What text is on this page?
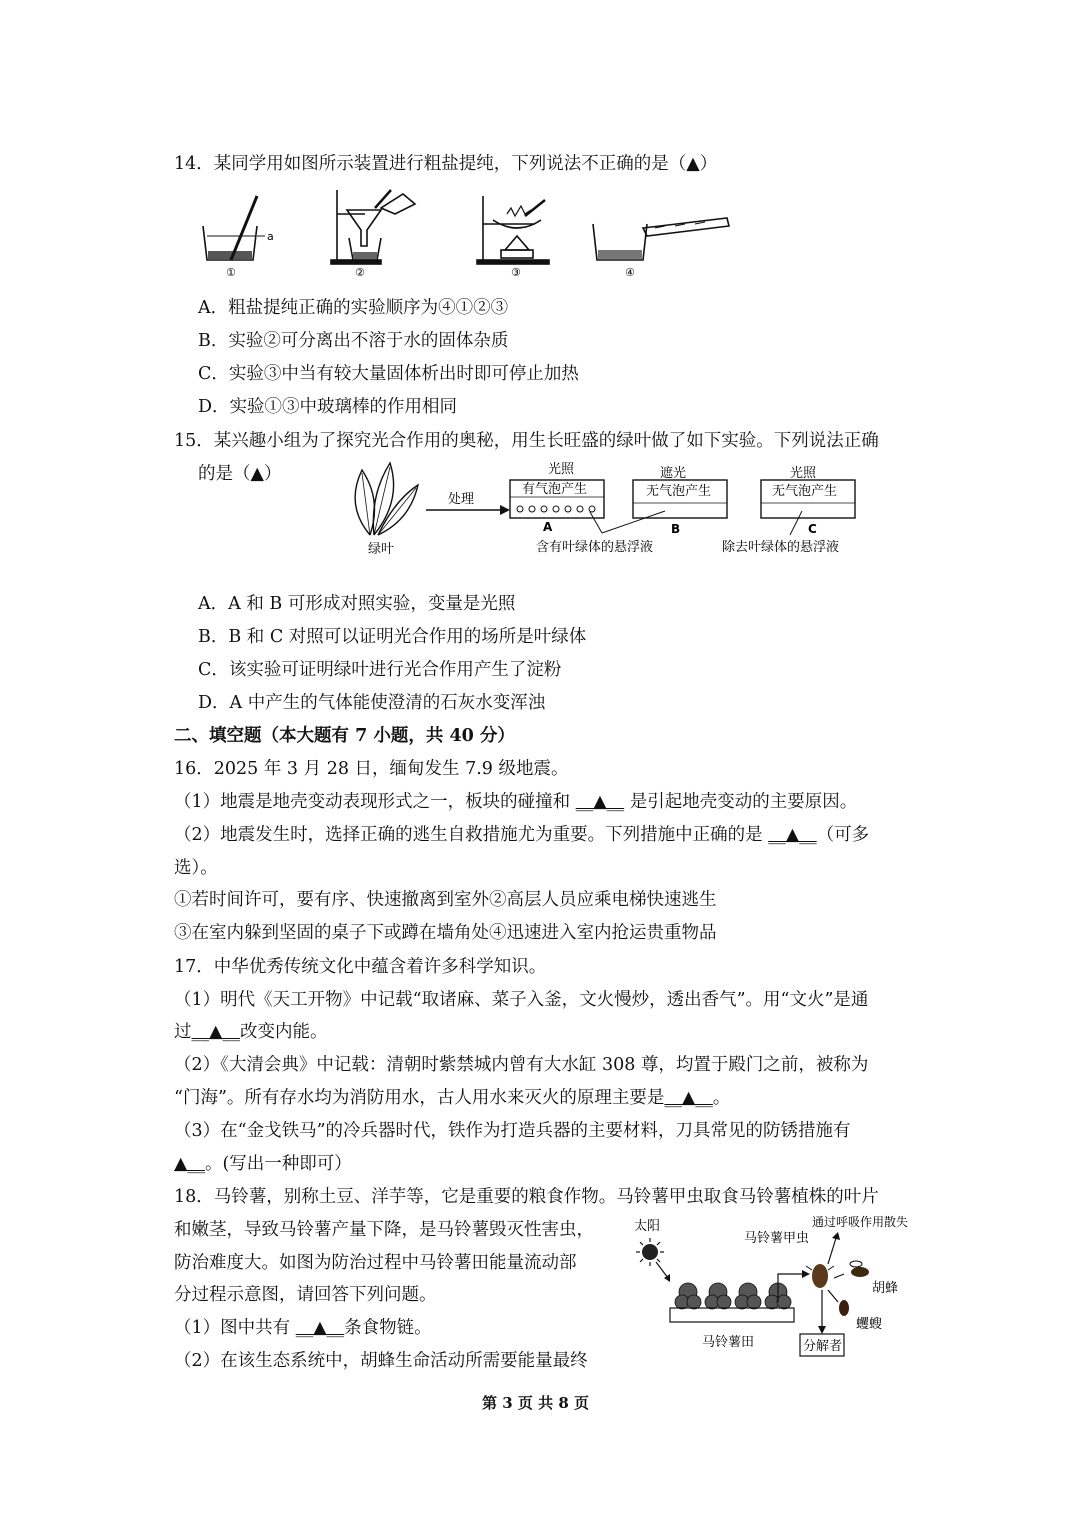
14．某同学用如图所示装置进行粗盐提纯，下列说法不正确的是（▲）
a
①	②	③	④
A．粗盐提纯正确的实验顺序为④①②③
B．实验②可分离出不溶于水的固体杂质
C．实验③中当有较大量固体析出时即可停止加热
D．实验①③中玻璃棒的作用相同
15．某兴趣小组为了探究光合作用的奥秘，用生长旺盛的绿叶做了如下实验。下列说法正确
的是（▲）
绿叶
处理
光照
有气泡产生
A
遮光
无气泡产生
B
光照
无气泡产生
C
含有叶绿体的悬浮液	除去叶绿体的悬浮液
A．A 和 B 可形成对照实验，变量是光照
B．B 和 C 对照可以证明光合作用的场所是叶绿体
C．该实验可证明绿叶进行光合作用产生了淀粉
D．A 中产生的气体能使澄清的石灰水变浑浊
二、填空题（本大题有 7 小题，共 40 分）
16．2025 年 3 月 28 日，缅甸发生 7.9 级地震。
（1）地震是地壳变动表现形式之一，板块的碰撞和 __▲__ 是引起地壳变动的主要原因。
（2）地震发生时，选择正确的逃生自救措施尤为重要。下列措施中正确的是 __▲__（可多
选）。
①若时间许可，要有序、快速撤离到室外②高层人员应乘电梯快速逃生
③在室内躲到坚固的桌子下或蹲在墙角处④迅速进入室内抢运贵重物品
17．中华优秀传统文化中蕴含着许多科学知识。
（1）明代《天工开物》中记载“取诸麻、菜子入釜，文火慢炒，透出香气”。用“文火”是通
过__▲__改变内能。
（2）《大清会典》中记载：清朝时紫禁城内曾有大水缸 308 尊，均置于殿门之前，被称为
“门海”。所有存水均为消防用水，古人用水来灭火的原理主要是__▲__。
（3）在“金戈铁马”的冷兵器时代，铁作为打造兵器的主要材料，刀具常见的防锈措施有
▲__。(写出一种即可）
18．马铃薯，别称土豆、洋芋等，它是重要的粮食作物。马铃薯甲虫取食马铃薯植株的叶片
和嫩茎，导致马铃薯产量下降，是马铃薯毁灭性害虫，
防治难度大。如图为防治过程中马铃薯田能量流动部
分过程示意图，请回答下列问题。
（1）图中共有 __▲__条食物链。
（2）在该生态系统中，胡蜂生命活动所需要能量最终
太阳
马铃薯田
马铃薯甲虫
通过呼吸作用散失
胡蜂
蠼螋
分解者
第 3 页 共 8 页
